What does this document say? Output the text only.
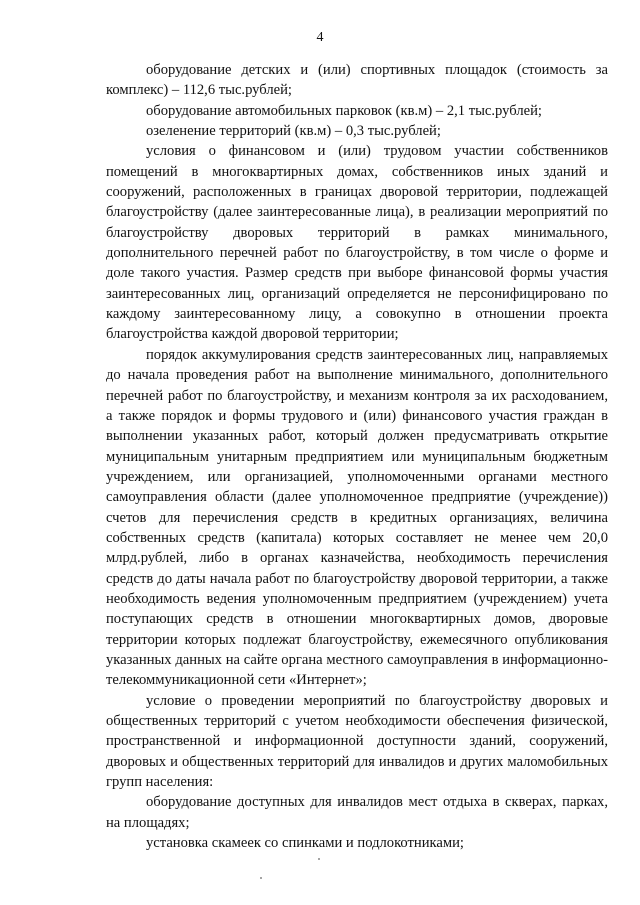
4

оборудование детских и (или) спортивных площадок (стоимость за комплекс) – 112,6 тыс.рублей;

оборудование автомобильных парковок (кв.м) – 2,1 тыс.рублей;

озеленение территорий (кв.м) – 0,3 тыс.рублей;

условия о финансовом и (или) трудовом участии собственников помещений в многоквартирных домах, собственников иных зданий и сооружений, расположенных в границах дворовой территории, подлежащей благоустройству (далее заинтересованные лица), в реализации мероприятий по благоустройству дворовых территорий в рамках минимального, дополнительного перечней работ по благоустройству, в том числе о форме и доле такого участия. Размер средств при выборе финансовой формы участия заинтересованных лиц, организаций определяется не персонифицировано по каждому заинтересованному лицу, а совокупно в отношении проекта благоустройства каждой дворовой территории;

порядок аккумулирования средств заинтересованных лиц, направляемых до начала проведения работ на выполнение минимального, дополнительного перечней работ по благоустройству, и механизм контроля за их расходованием, а также порядок и формы трудового и (или) финансового участия граждан в выполнении указанных работ, который должен предусматривать открытие муниципальным унитарным предприятием или муниципальным бюджетным учреждением, или организацией, уполномоченными органами местного самоуправления области (далее уполномоченное предприятие (учреждение)) счетов для перечисления средств в кредитных организациях, величина собственных средств (капитала) которых составляет не менее чем 20,0 млрд.рублей, либо в органах казначейства, необходимость перечисления средств до даты начала работ по благоустройству дворовой территории, а также необходимость ведения уполномоченным предприятием (учреждением) учета поступающих средств в отношении многоквартирных домов, дворовые территории которых подлежат благоустройству, ежемесячного опубликования указанных данных на сайте органа местного самоуправления в информационно-телекоммуникационной сети «Интернет»;

условие о проведении мероприятий по благоустройству дворовых и общественных территорий с учетом необходимости обеспечения физической, пространственной и информационной доступности зданий, сооружений, дворовых и общественных территорий для инвалидов и других маломобильных групп населения:

оборудование доступных для инвалидов мест отдыха в скверах, парках, на площадях;

установка скамеек со спинками и подлокотниками;
